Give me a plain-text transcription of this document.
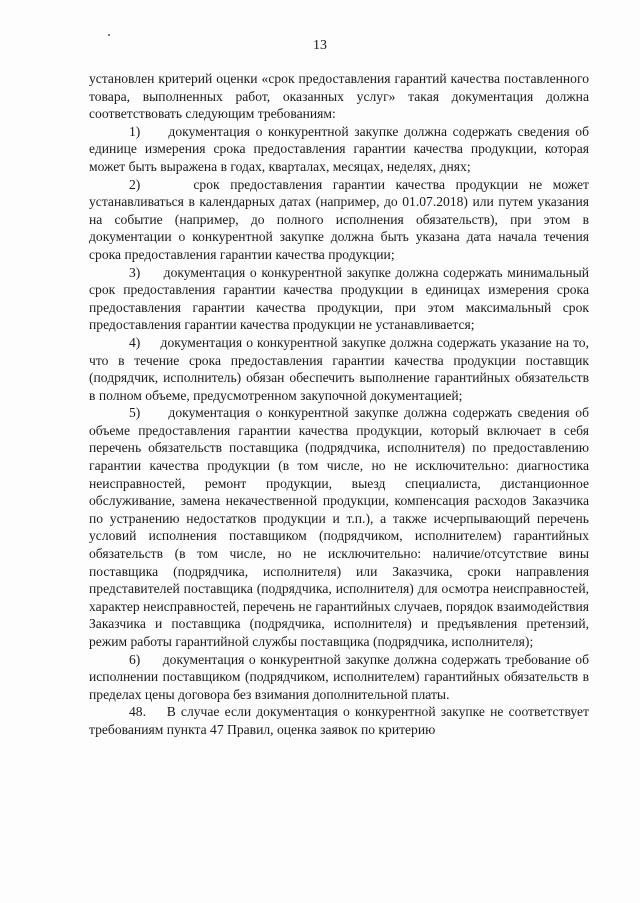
13

установлен критерий оценки «срок предоставления гарантий качества поставленного товара, выполненных работ, оказанных услуг» такая документация должна соответствовать следующим требованиям:

1)     документация о конкурентной закупке должна содержать сведения об единице измерения срока предоставления гарантии качества продукции, которая может быть выражена в годах, кварталах, месяцах, неделях, днях;

2)     срок предоставления гарантии качества продукции не может устанавливаться в календарных датах (например, до 01.07.2018) или путем указания на событие (например, до полного исполнения обязательств), при этом в документации о конкурентной закупке должна быть указана дата начала течения срока предоставления гарантии качества продукции;

3)     документация о конкурентной закупке должна содержать минимальный срок предоставления гарантии качества продукции в единицах измерения срока предоставления гарантии качества продукции, при этом максимальный срок предоставления гарантии качества продукции не устанавливается;

4)     документация о конкурентной закупке должна содержать указание на то, что в течение срока предоставления гарантии качества продукции поставщик (подрядчик, исполнитель) обязан обеспечить выполнение гарантийных обязательств в полном объеме, предусмотренном закупочной документацией;

5)     документация о конкурентной закупке должна содержать сведения об объеме предоставления гарантии качества продукции, который включает в себя перечень обязательств поставщика (подрядчика, исполнителя) по предоставлению гарантии качества продукции (в том числе, но не исключительно: диагностика неисправностей, ремонт продукции, выезд специалиста, дистанционное обслуживание, замена некачественной продукции, компенсация расходов Заказчика по устранению недостатков продукции и т.п.), а также исчерпывающий перечень условий исполнения поставщиком (подрядчиком, исполнителем) гарантийных обязательств (в том числе, но не исключительно: наличие/отсутствие вины поставщика (подрядчика, исполнителя) или Заказчика, сроки направления представителей поставщика (подрядчика, исполнителя) для осмотра неисправностей, характер неисправностей, перечень не гарантийных случаев, порядок взаимодействия Заказчика и поставщика (подрядчика, исполнителя) и предъявления претензий, режим работы гарантийной службы поставщика (подрядчика, исполнителя);

6)     документация о конкурентной закупке должна содержать требование об исполнении поставщиком (подрядчиком, исполнителем) гарантийных обязательств в пределах цены договора без взимания дополнительной платы.

48.    В случае если документация о конкурентной закупке не соответствует требованиям пункта 47 Правил, оценка заявок по критерию
